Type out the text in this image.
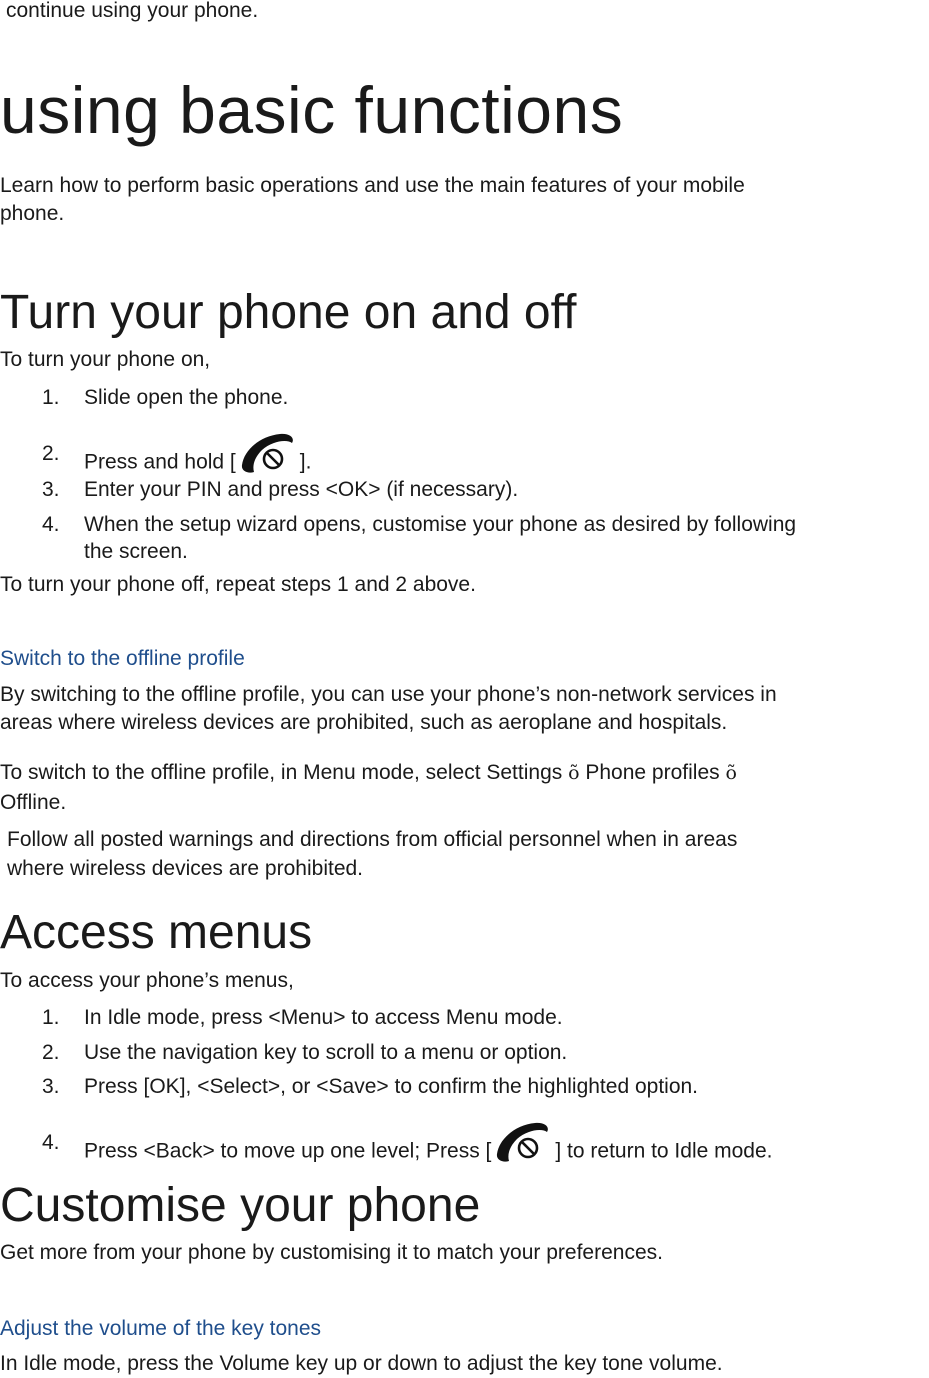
continue using your phone.

using basic functions

Learn how to perform basic operations and use the main features of your mobile

phone.

Turn your phone on and off

To turn your phone on,

1. Slide open the phone.

2. Press and hold [	].

3. Enter your PIN and press <OK> (if necessary).

4. When the setup wizard opens, customise your phone as desired by following

the screen.

To turn your phone off, repeat steps 1 and 2 above.

Switch to the offline profile

By switching to the offline profile, you can use your phone’s non-network services in

areas where wireless devices are prohibited, such as aeroplane and hospitals.

To switch to the offline profile, in Menu mode, select Settings õ Phone profiles õ

Offline.

Follow all posted warnings and directions from official personnel when in areas

where wireless devices are prohibited.

Access menus

To access your phone’s menus,

1. In Idle mode, press <Menu> to access Menu mode.

2. Use the navigation key to scroll to a menu or option.

3. Press [OK], <Select>, or <Save> to confirm the highlighted option.

4. Press <Back> to move up one level; Press [	] to return to Idle mode.

Customise your phone

Get more from your phone by customising it to match your preferences.

Adjust the volume of the key tones

In Idle mode, press the Volume key up or down to adjust the key tone volume.
